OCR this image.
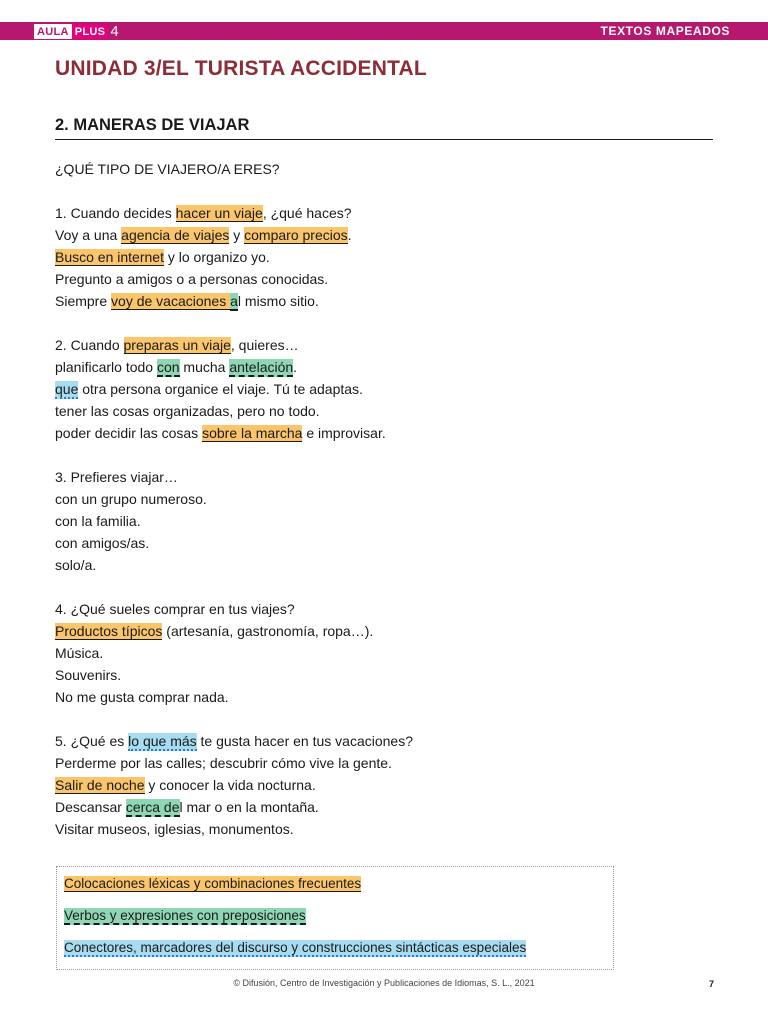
AULA PLUS 4	TEXTOS MAPEADOS
UNIDAD 3/EL TURISTA ACCIDENTAL
2. MANERAS DE VIAJAR
¿QUÉ TIPO DE VIAJERO/A ERES?
1. Cuando decides hacer un viaje, ¿qué haces?
Voy a una agencia de viajes y comparo precios.
Busco en internet y lo organizo yo.
Pregunto a amigos o a personas conocidas.
Siempre voy de vacaciones al mismo sitio.
2. Cuando preparas un viaje, quieres…
planificarlo todo con mucha antelación.
que otra persona organice el viaje. Tú te adaptas.
tener las cosas organizadas, pero no todo.
poder decidir las cosas sobre la marcha e improvisar.
3. Prefieres viajar…
con un grupo numeroso.
con la familia.
con amigos/as.
solo/a.
4. ¿Qué sueles comprar en tus viajes?
Productos típicos (artesanía, gastronomía, ropa…).
Música.
Souvenirs.
No me gusta comprar nada.
5. ¿Qué es lo que más te gusta hacer en tus vacaciones?
Perderme por las calles; descubrir cómo vive la gente.
Salir de noche y conocer la vida nocturna.
Descansar cerca del mar o en la montaña.
Visitar museos, iglesias, monumentos.
Colocaciones léxicas y combinaciones frecuentes
Verbos y expresiones con preposiciones
Conectores, marcadores del discurso y construcciones sintácticas especiales
© Difusión, Centro de Investigación y Publicaciones de Idiomas, S. L., 2021	7
